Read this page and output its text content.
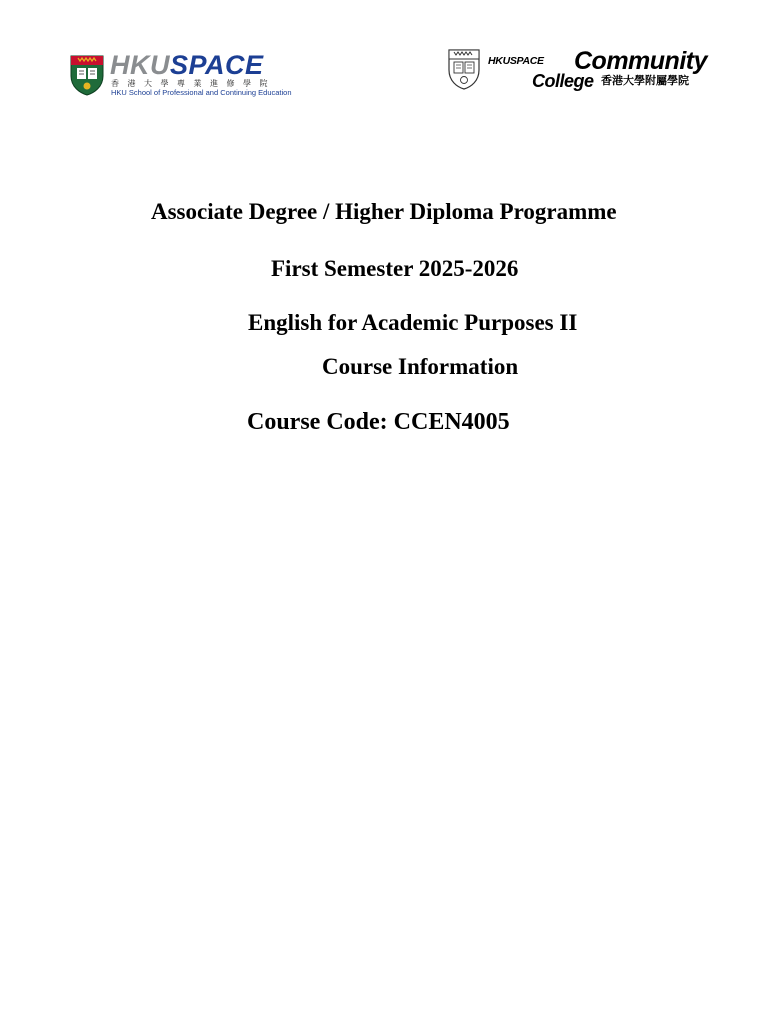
HKUSPACE
香港大學專業進修學院
HKU School of Professional and Continuing Education
HKUSPACE Community
College 香港大學附屬學院
Associate Degree / Higher Diploma Programme
First Semester 2025-2026
English for Academic Purposes II
Course Information
Course Code: CCEN4005
